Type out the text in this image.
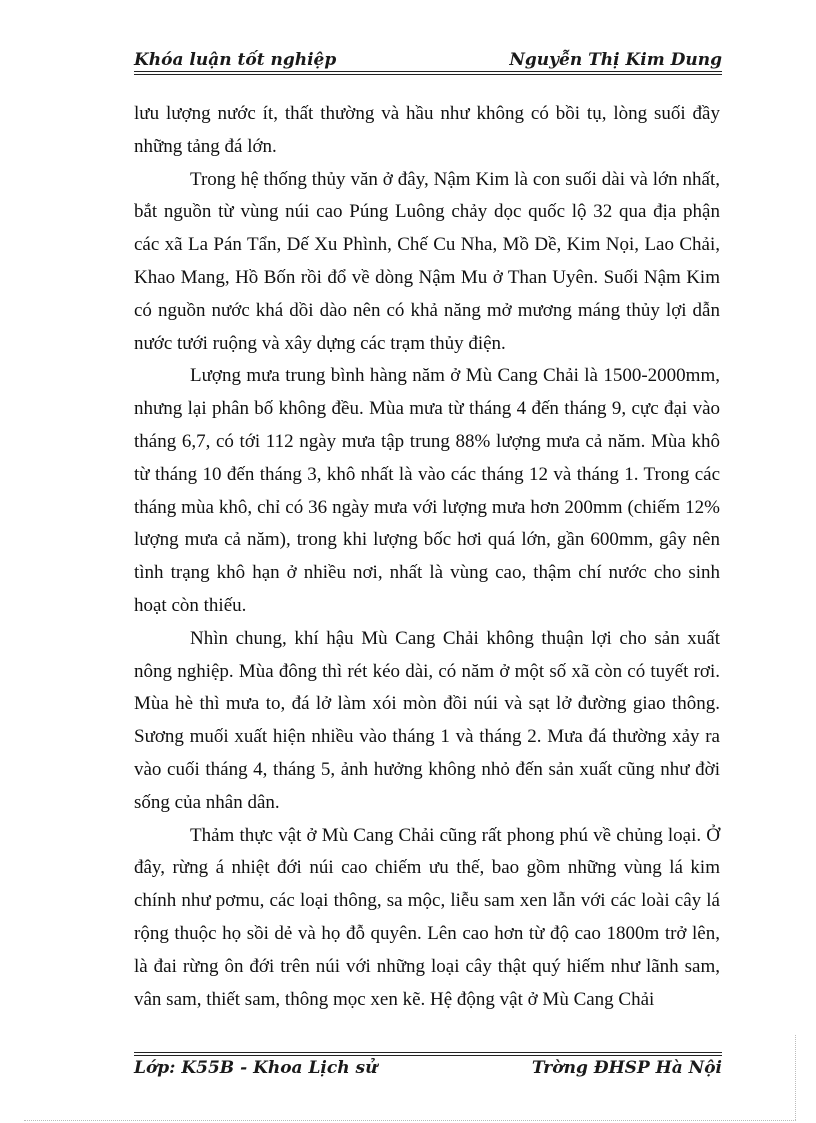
Khóa luận tốt nghiệp	Nguyễn Thị Kim Dung

lưu lượng nước ít, thất thường và hầu như không có bồi tụ, lòng suối đầy những tảng đá lớn.

Trong hệ thống thủy văn ở đây, Nậm Kim là con suối dài và lớn nhất, bắt nguồn từ vùng núi cao Púng Luông chảy dọc quốc lộ 32 qua địa phận các xã La Pán Tẩn, Dế Xu Phình, Chế Cu Nha, Mồ Dề, Kim Nọi, Lao Chải, Khao Mang, Hồ Bốn rồi đổ về dòng Nậm Mu ở Than Uyên. Suối Nậm Kim có nguồn nước khá dồi dào nên có khả năng mở mương máng thủy lợi dẫn nước tưới ruộng và xây dựng các trạm thủy điện.

Lượng mưa trung bình hàng năm ở Mù Cang Chải là 1500-2000mm, nhưng lại phân bố không đều. Mùa mưa từ tháng 4 đến tháng 9, cực đại vào tháng 6,7, có tới 112 ngày mưa tập trung 88% lượng mưa cả năm. Mùa khô từ tháng 10 đến tháng 3, khô nhất là vào các tháng 12 và tháng 1. Trong các tháng mùa khô, chỉ có 36 ngày mưa với lượng mưa hơn 200mm (chiếm 12% lượng mưa cả năm), trong khi lượng bốc hơi quá lớn, gần 600mm, gây nên tình trạng khô hạn ở nhiều nơi, nhất là vùng cao, thậm chí nước cho sinh hoạt còn thiếu.

Nhìn chung, khí hậu Mù Cang Chải không thuận lợi cho sản xuất nông nghiệp. Mùa đông thì rét kéo dài, có năm ở một số xã còn có tuyết rơi. Mùa hè thì mưa to, đá lở làm xói mòn đồi núi và sạt lở đường giao thông. Sương muối xuất hiện nhiều vào tháng 1 và tháng 2. Mưa đá thường xảy ra vào cuối tháng 4, tháng 5, ảnh hưởng không nhỏ đến sản xuất cũng như đời sống của nhân dân.

Thảm thực vật ở Mù Cang Chải cũng rất phong phú về chủng loại. Ở đây, rừng á nhiệt đới núi cao chiếm ưu thế, bao gồm những vùng lá kim chính như pơmu, các loại thông, sa mộc, liễu sam xen lẫn với các loài cây lá rộng thuộc họ sồi dẻ và họ đỗ quyên. Lên cao hơn từ độ cao 1800m trở lên, là đai rừng ôn đới trên núi với những loại cây thật quý hiếm như lãnh sam, vân sam, thiết sam, thông mọc xen kẽ. Hệ động vật ở Mù Cang Chải

Lớp: K55B - Khoa Lịch sử	Trờng ĐHSP Hà Nội
